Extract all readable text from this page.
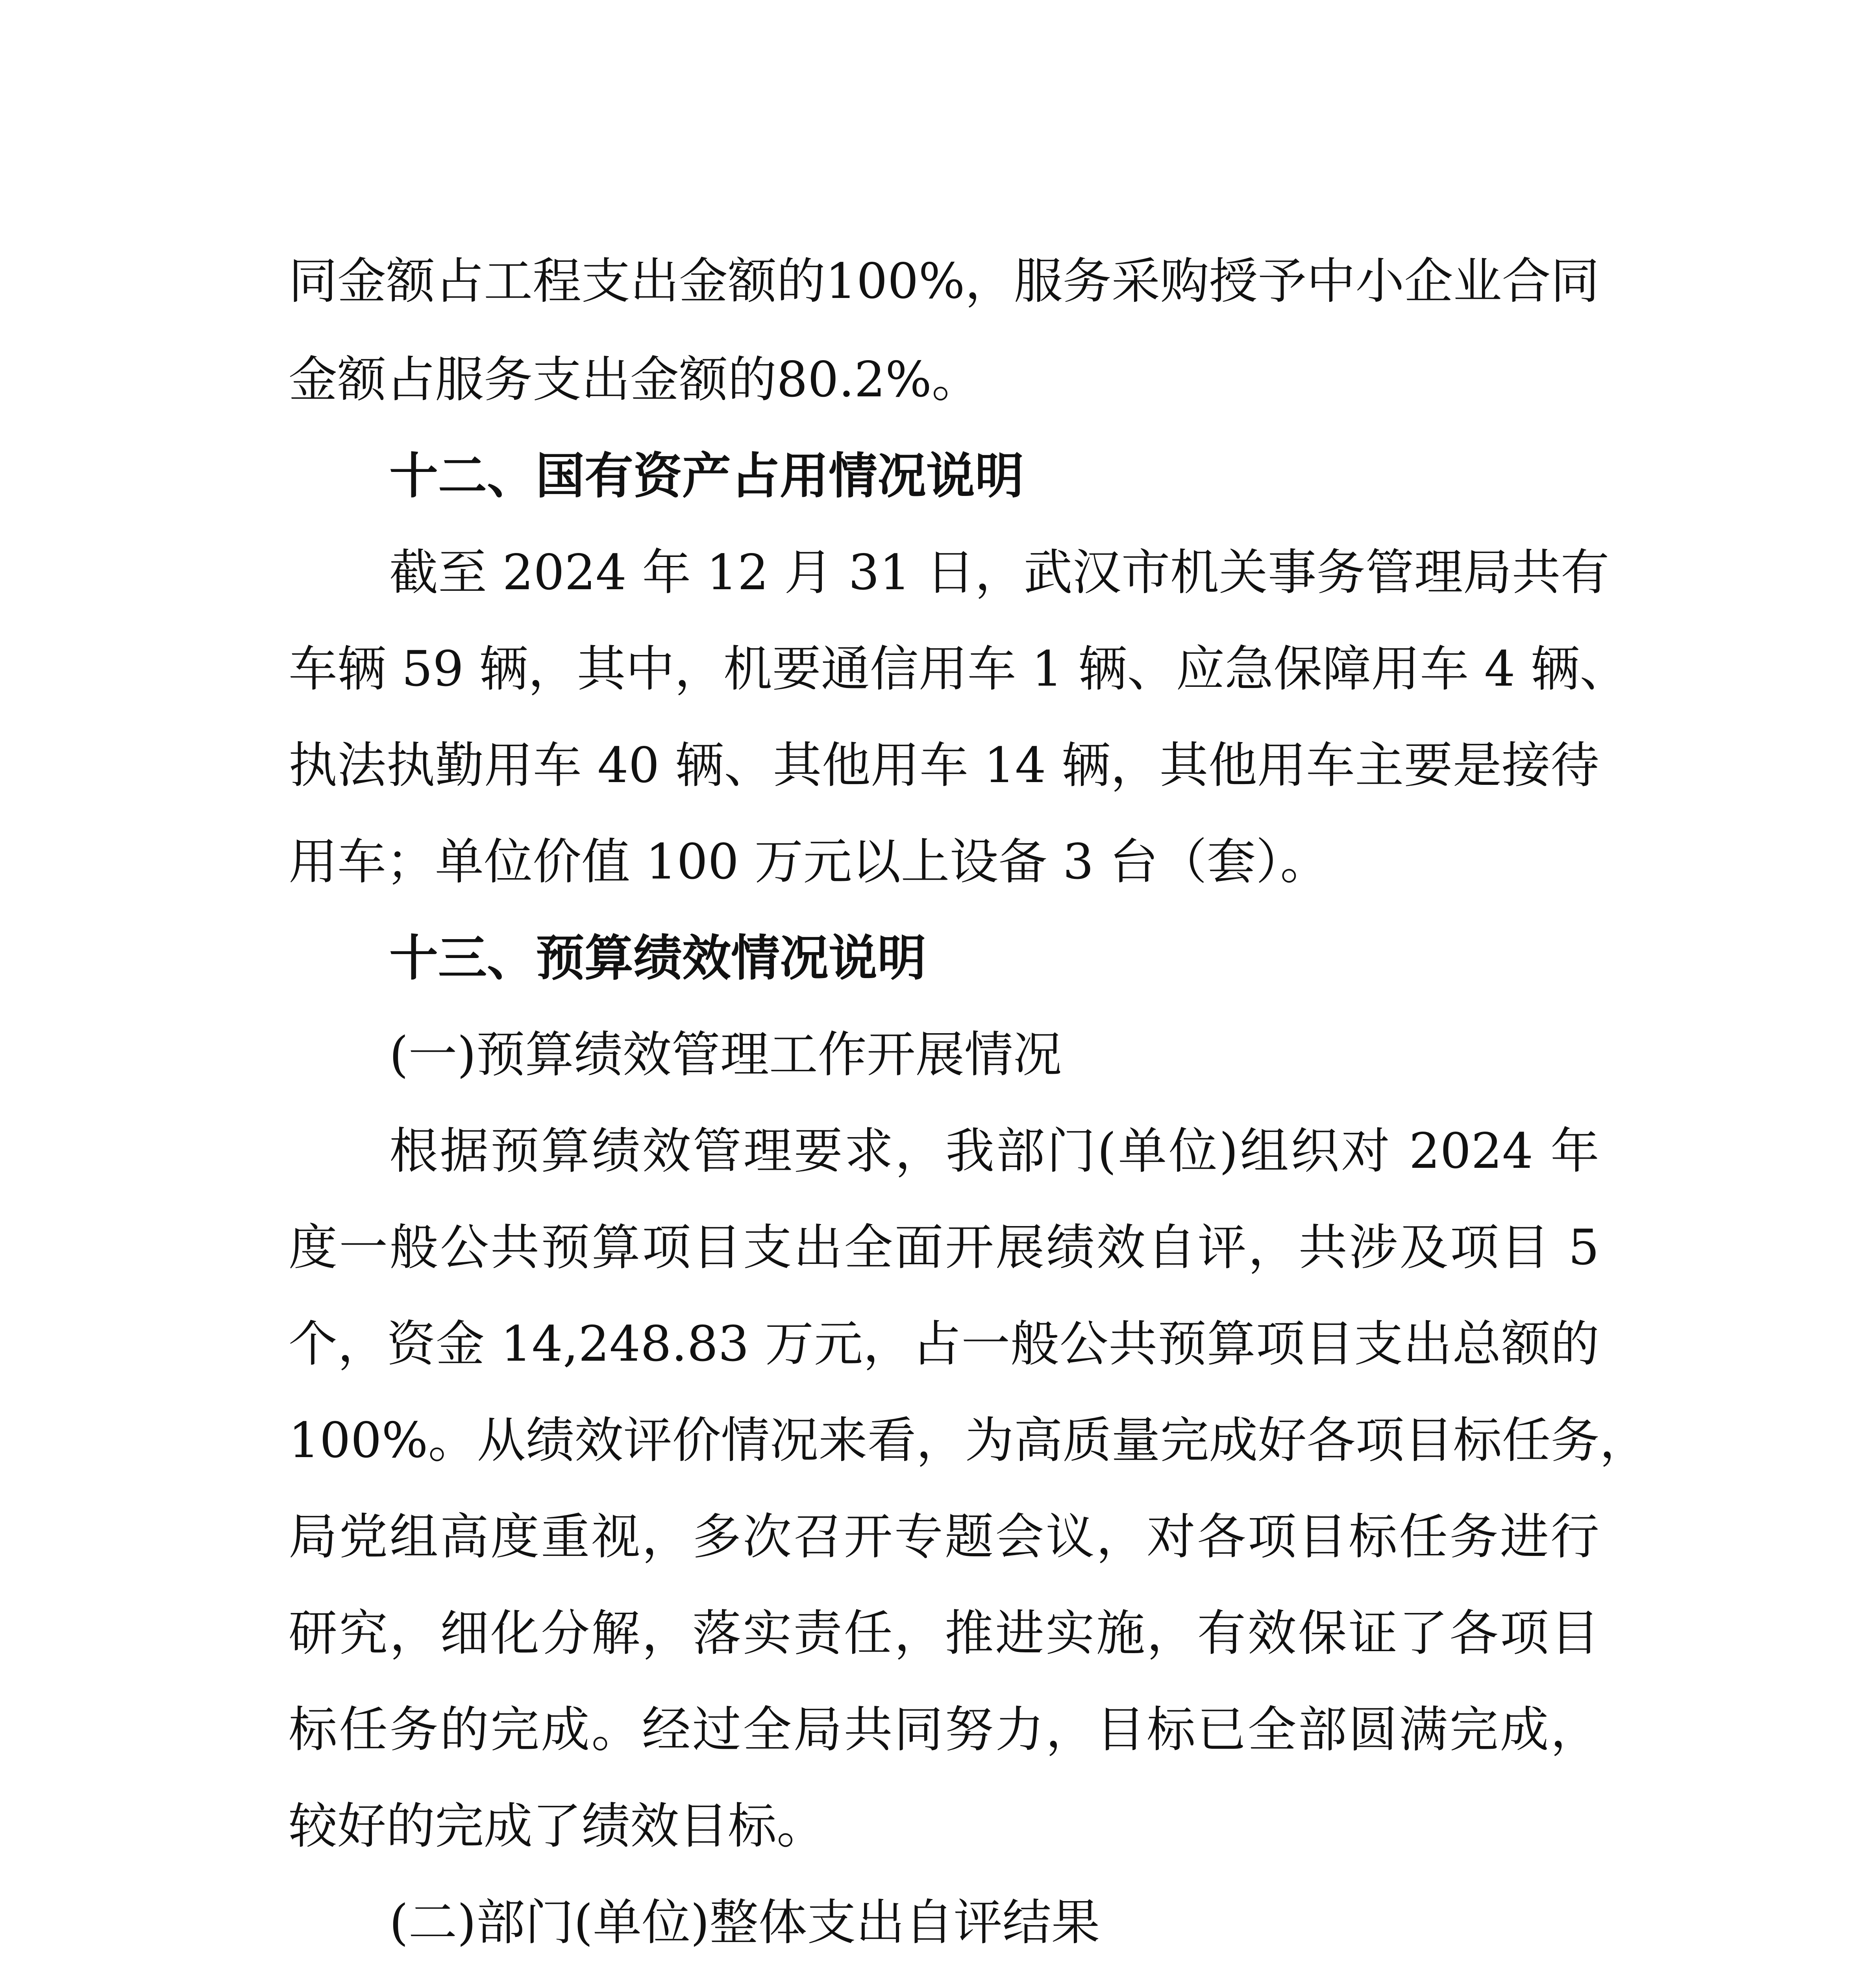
同金额占工程支出金额的100%，服务采购授予中小企业合同
金额占服务支出金额的80.2%。
十二、国有资产占用情况说明
截至 2024 年 12 月 31 日，武汉市机关事务管理局共有
车辆 59 辆，其中，机要通信用车 1 辆、应急保障用车 4 辆、
执法执勤用车 40 辆、其他用车 14 辆，其他用车主要是接待
用车；单位价值 100 万元以上设备 3 台（套）。
十三、预算绩效情况说明
(一)预算绩效管理工作开展情况
根据预算绩效管理要求，我部门(单位)组织对 2024 年
度一般公共预算项目支出全面开展绩效自评，共涉及项目 5
个，资金 14,248.83 万元，占一般公共预算项目支出总额的
100%。从绩效评价情况来看，为高质量完成好各项目标任务，
局党组高度重视，多次召开专题会议，对各项目标任务进行
研究，细化分解，落实责任，推进实施，有效保证了各项目
标任务的完成。经过全局共同努力，目标已全部圆满完成，
较好的完成了绩效目标。
(二)部门(单位)整体支出自评结果
